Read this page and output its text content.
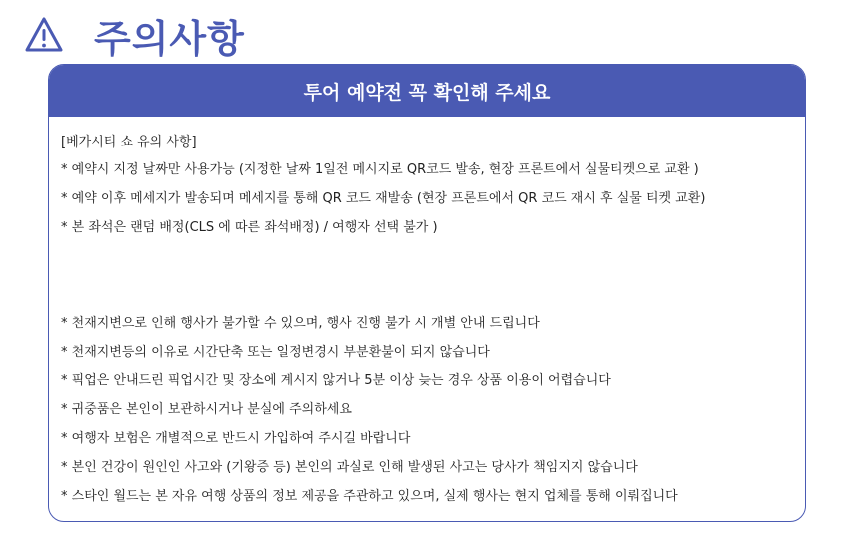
주의사항
투어 예약전 꼭 확인해 주세요
[베가시티 쇼 유의 사항]
* 예약시 지정 날짜만 사용가능 (지정한 날짜 1일전 메시지로 QR코드 발송, 현장 프론트에서 실물티켓으로 교환 )
* 예약 이후 메세지가 발송되며 메세지를 통해 QR 코드 재발송 (현장 프론트에서 QR 코드 재시 후 실물 티켓 교환)
* 본 좌석은 랜덤 배정(CLS 에 따른 좌석배정) / 여행자 선택 불가 )
* 천재지변으로 인해 행사가 불가할 수 있으며, 행사 진행 불가 시 개별 안내 드립니다
* 천재지변등의 이유로 시간단축 또는 일정변경시 부분환불이 되지 않습니다
* 픽업은 안내드린 픽업시간 및 장소에 계시지 않거나 5분 이상 늦는 경우 상품 이용이 어렵습니다
* 귀중품은 본인이 보관하시거나 분실에 주의하세요
* 여행자 보험은 개별적으로 반드시 가입하여 주시길 바랍니다
* 본인 건강이 원인인 사고와 (기왕증 등) 본인의 과실로 인해 발생된 사고는 당사가 책임지지 않습니다
* 스타인 월드는 본 자유 여행 상품의 정보 제공을 주관하고 있으며, 실제 행사는 현지 업체를 통해 이뤄집니다
